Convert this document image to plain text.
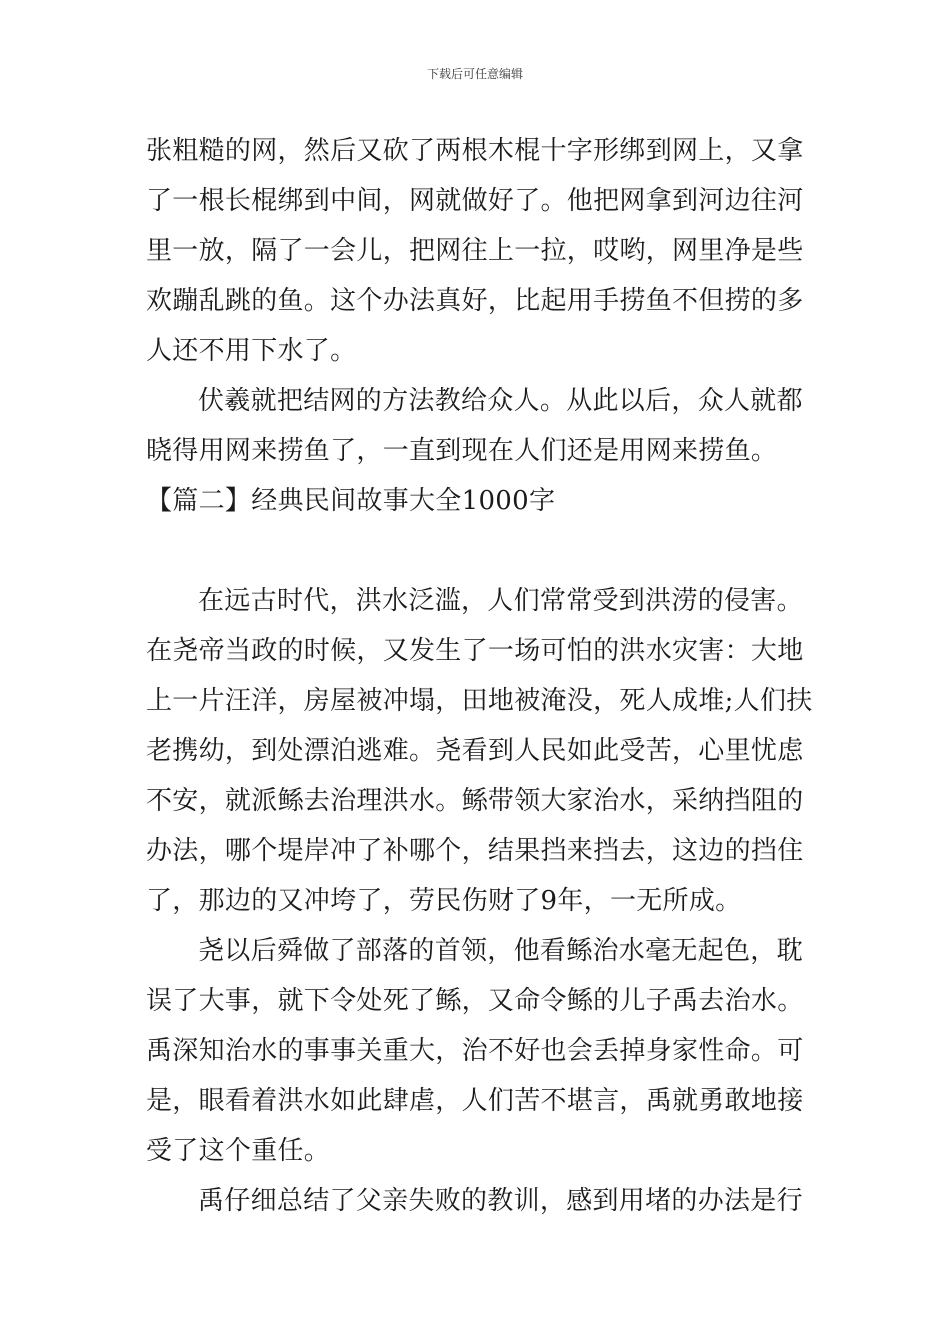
下载后可任意编辑
张粗糙的网，然后又砍了两根木棍十字形绑到网上，又拿
了一根长棍绑到中间，网就做好了。他把网拿到河边往河
里一放，隔了一会儿，把网往上一拉，哎哟，网里净是些
欢蹦乱跳的鱼。这个办法真好，比起用手捞鱼不但捞的多
人还不用下水了。
伏羲就把结网的方法教给众人。从此以后，众人就都
晓得用网来捞鱼了，一直到现在人们还是用网来捞鱼。
【篇二】经典民间故事大全1000字
在远古时代，洪水泛滥，人们常常受到洪涝的侵害。
在尧帝当政的时候，又发生了一场可怕的洪水灾害：大地
上一片汪洋，房屋被冲塌，田地被淹没，死人成堆;人们扶
老携幼，到处漂泊逃难。尧看到人民如此受苦，心里忧虑
不安，就派鲧去治理洪水。鲧带领大家治水，采纳挡阻的
办法，哪个堤岸冲了补哪个，结果挡来挡去，这边的挡住
了，那边的又冲垮了，劳民伤财了9年，一无所成。
尧以后舜做了部落的首领，他看鲧治水毫无起色，耽
误了大事，就下令处死了鲧，又命令鲧的儿子禹去治水。
禹深知治水的事事关重大，治不好也会丢掉身家性命。可
是，眼看着洪水如此肆虐，人们苦不堪言，禹就勇敢地接
受了这个重任。
禹仔细总结了父亲失败的教训，感到用堵的办法是行
